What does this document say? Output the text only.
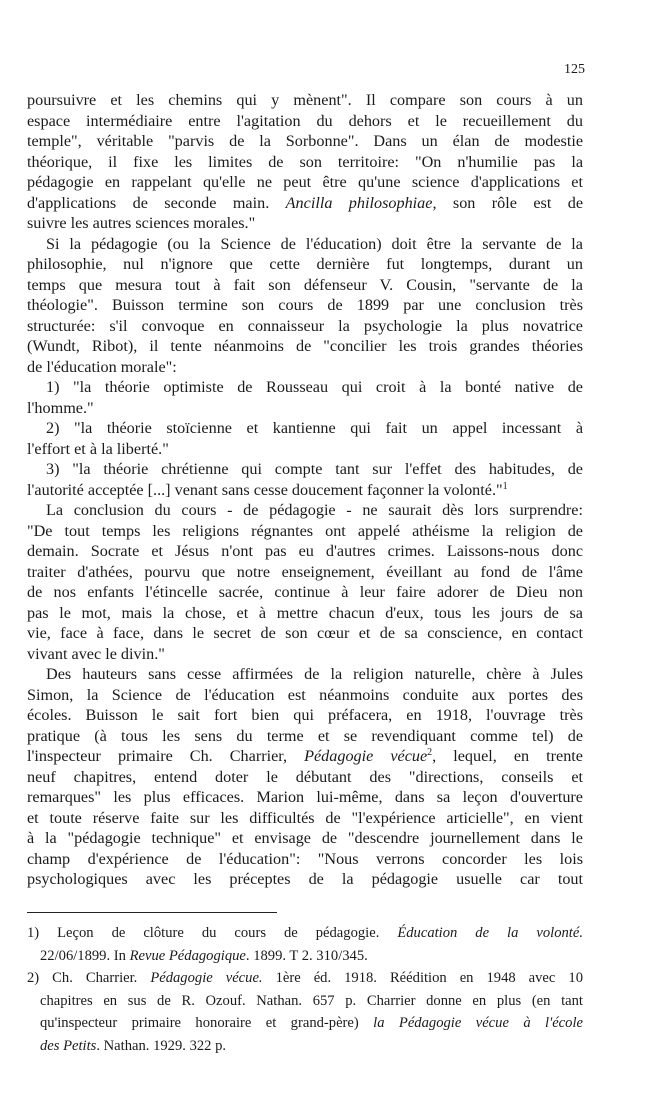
125
poursuivre et les chemins qui y mènent". Il compare son cours à un
espace intermédiaire entre l'agitation du dehors et le recueillement du
temple", véritable "parvis de la Sorbonne". Dans un élan de modestie
théorique, il fixe les limites de son territoire: "On n'humilie pas la
pédagogie en rappelant qu'elle ne peut être qu'une science d'applications et
d'applications de seconde main. Ancilla philosophiae, son rôle est de
suivre les autres sciences morales."
Si la pédagogie (ou la Science de l'éducation) doit être la servante de la
philosophie, nul n'ignore que cette dernière fut longtemps, durant un
temps que mesura tout à fait son défenseur V. Cousin, "servante de la
théologie". Buisson termine son cours de 1899 par une conclusion très
structurée: s'il convoque en connaisseur la psychologie la plus novatrice
(Wundt, Ribot), il tente néanmoins de "concilier les trois grandes théories
de l'éducation morale":
1) "la théorie optimiste de Rousseau qui croit à la bonté native de
l'homme."
2) "la théorie stoïcienne et kantienne qui fait un appel incessant à
l'effort et à la liberté."
3) "la théorie chrétienne qui compte tant sur l'effet des habitudes, de
l'autorité acceptée [...] venant sans cesse doucement façonner la volonté."$^1$
La conclusion du cours - de pédagogie - ne saurait dès lors surprendre:
"De tout temps les religions régnantes ont appelé athéisme la religion de
demain. Socrate et Jésus n'ont pas eu d'autres crimes. Laissons-nous donc
traiter d'athées, pourvu que notre enseignement, éveillant au fond de l'âme
de nos enfants l'étincelle sacrée, continue à leur faire adorer de Dieu non
pas le mot, mais la chose, et à mettre chacun d'eux, tous les jours de sa
vie, face à face, dans le secret de son cœur et de sa conscience, en contact
vivant avec le divin."
Des hauteurs sans cesse affirmées de la religion naturelle, chère à Jules
Simon, la Science de l'éducation est néanmoins conduite aux portes des
écoles. Buisson le sait fort bien qui préfacera, en 1918, l'ouvrage très
pratique (à tous les sens du terme et se revendiquant comme tel) de
l'inspecteur primaire Ch. Charrier, Pédagogie vécue$^2$, lequel, en trente
neuf chapitres, entend doter le débutant des "directions, conseils et
remarques" les plus efficaces. Marion lui-même, dans sa leçon d'ouverture
et toute réserve faite sur les difficultés de "l'expérience articielle", en vient
à la "pédagogie technique" et envisage de "descendre journellement dans le
champ d'expérience de l'éducation": "Nous verrons concorder les lois
psychologiques avec les préceptes de la pédagogie usuelle car tout
1) Leçon de clôture du cours de pédagogie. Éducation de la volonté.
22/06/1899. In Revue Pédagogique. 1899. T 2. 310/345.
2) Ch. Charrier. Pédagogie vécue. 1ère éd. 1918. Réédition en 1948 avec 10
chapitres en sus de R. Ozouf. Nathan. 657 p. Charrier donne en plus (en tant
qu'inspecteur primaire honoraire et grand-père) la Pédagogie vécue à l'école
des Petits. Nathan. 1929. 322 p.
